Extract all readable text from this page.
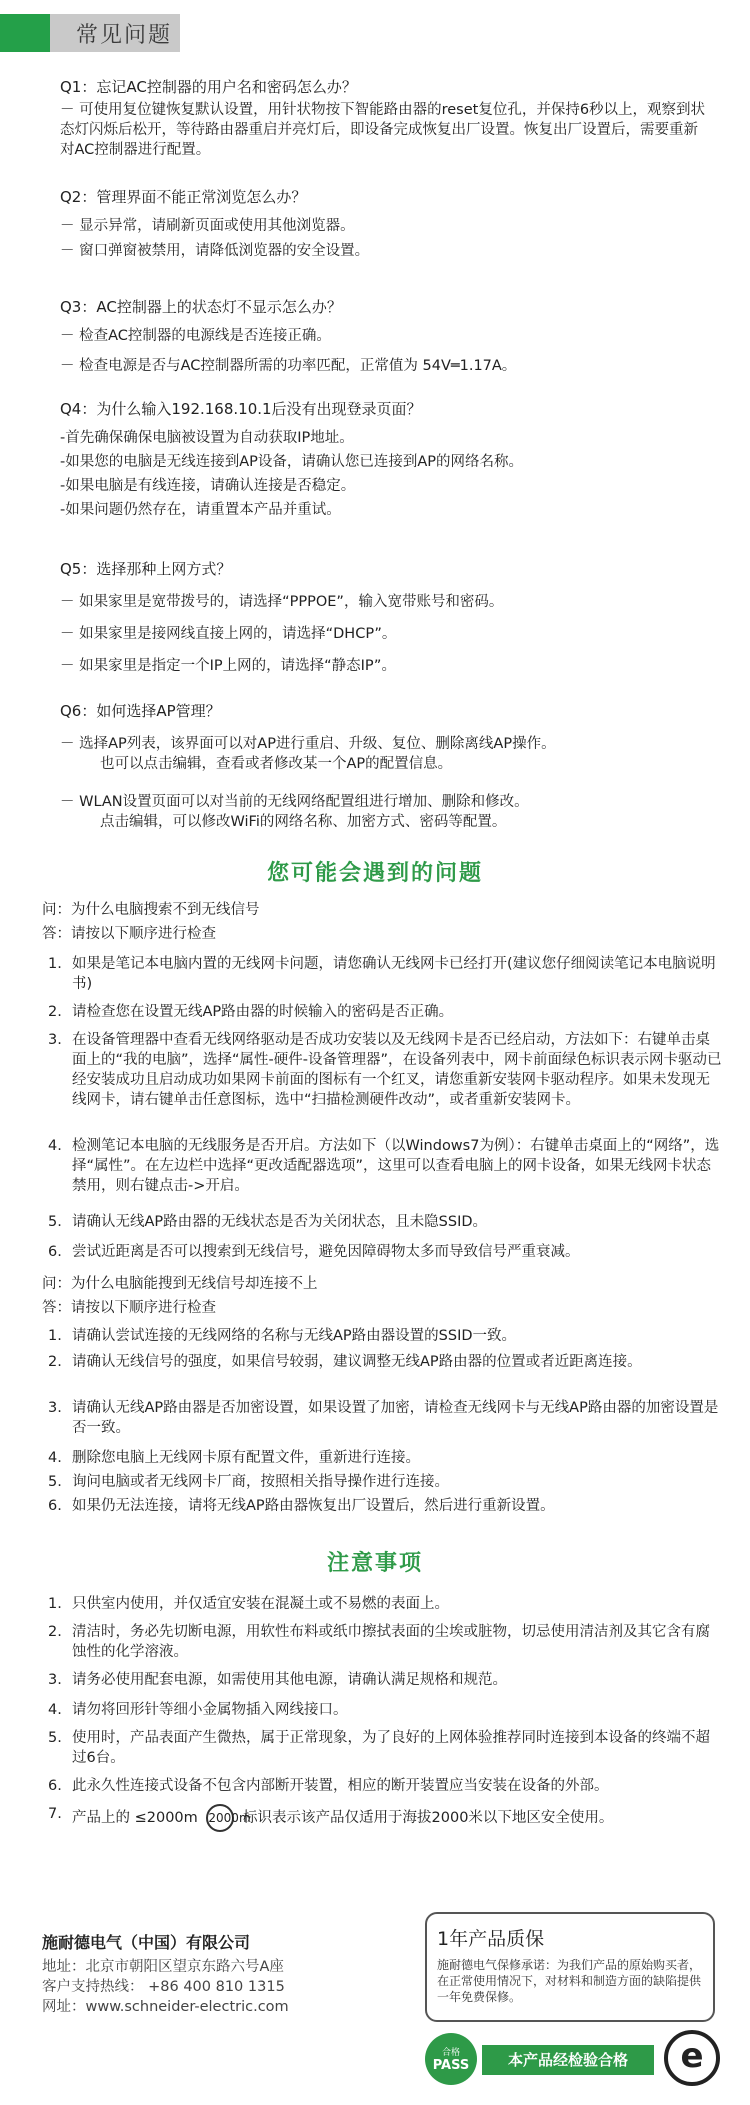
常见问题
Q1：忘记AC控制器的用户名和密码怎么办？
－ 可使用复位键恢复默认设置，用针状物按下智能路由器的reset复位孔，并保持6秒以上，观察到状态灯闪烁后松开，等待路由器重启并亮灯后，即设备完成恢复出厂设置。恢复出厂设置后，需要重新对AC控制器进行配置。
Q2：管理界面不能正常浏览怎么办？
－ 显示异常，请刷新页面或使用其他浏览器。
－ 窗口弹窗被禁用，请降低浏览器的安全设置。
Q3：AC控制器上的状态灯不显示怎么办？
－ 检查AC控制器的电源线是否连接正确。
－ 检查电源是否与AC控制器所需的功率匹配，正常值为 54V═1.17A。
Q4：为什么输入192.168.10.1后没有出现登录页面？
-首先确保确保电脑被设置为自动获取IP地址。
-如果您的电脑是无线连接到AP设备，请确认您已连接到AP的网络名称。
-如果电脑是有线连接，请确认连接是否稳定。
-如果问题仍然存在，请重置本产品并重试。
Q5：选择那种上网方式？
－ 如果家里是宽带拨号的，请选择“PPPOE”，输入宽带账号和密码。
－ 如果家里是接网线直接上网的，请选择“DHCP”。
－ 如果家里是指定一个IP上网的，请选择“静态IP”。
Q6：如何选择AP管理？
－ 选择AP列表，该界面可以对AP进行重启、升级、复位、删除离线AP操作。
也可以点击编辑，查看或者修改某一个AP的配置信息。
－ WLAN设置页面可以对当前的无线网络配置组进行增加、删除和修改。
点击编辑，可以修改WiFi的网络名称、加密方式、密码等配置。
您可能会遇到的问题
问：为什么电脑搜索不到无线信号
答：请按以下顺序进行检查
1. 如果是笔记本电脑内置的无线网卡问题，请您确认无线网卡已经打开(建议您仔细阅读笔记本电脑说明书)
2. 请检查您在设置无线AP路由器的时候输入的密码是否正确。
3. 在设备管理器中查看无线网络驱动是否成功安装以及无线网卡是否已经启动，方法如下：右键单击桌面上的“我的电脑”，选择“属性-硬件-设备管理器”，在设备列表中，网卡前面绿色标识表示网卡驱动已经安装成功且启动成功如果网卡前面的图标有一个红叉，请您重新安装网卡驱动程序。如果未发现无线网卡，请右键单击任意图标，选中“扫描检测硬件改动”，或者重新安装网卡。
4. 检测笔记本电脑的无线服务是否开启。方法如下（以Windows7为例）：右键单击桌面上的“网络”，选择“属性”。在左边栏中选择“更改适配器选项”，这里可以查看电脑上的网卡设备，如果无线网卡状态禁用，则右键点击->开启。
5. 请确认无线AP路由器的无线状态是否为关闭状态，且未隐SSID。
6. 尝试近距离是否可以搜索到无线信号，避免因障碍物太多而导致信号严重衰减。
问：为什么电脑能搜到无线信号却连接不上
答：请按以下顺序进行检查
1. 请确认尝试连接的无线网络的名称与无线AP路由器设置的SSID一致。
2. 请确认无线信号的强度，如果信号较弱，建议调整无线AP路由器的位置或者近距离连接。
3. 请确认无线AP路由器是否加密设置，如果设置了加密，请检查无线网卡与无线AP路由器的加密设置是否一致。
4. 删除您电脑上无线网卡原有配置文件，重新进行连接。
5. 询问电脑或者无线网卡厂商，按照相关指导操作进行连接。
6. 如果仍无法连接，请将无线AP路由器恢复出厂设置后，然后进行重新设置。
注意事项
1. 只供室内使用，并仅适宜安装在混凝土或不易燃的表面上。
2. 清洁时，务必先切断电源，用软性布料或纸巾擦拭表面的尘埃或脏物，切忌使用清洁剂及其它含有腐蚀性的化学溶液。
3. 请务必使用配套电源，如需使用其他电源，请确认满足规格和规范。
4. 请勿将回形针等细小金属物插入网线接口。
5. 使用时，产品表面产生微热，属于正常现象，为了良好的上网体验推荐同时连接到本设备的终端不超过6台。
6. 此永久性连接式设备不包含内部断开装置，相应的断开装置应当安装在设备的外部。
7. 产品上的 ≤2000m 2000m 标识表示该产品仅适用于海拔2000米以下地区安全使用。
施耐德电气（中国）有限公司
地址：北京市朝阳区望京东路六号A座
客户支持热线： +86 400 810 1315
网址：www.schneider-electric.com
1年产品质保
施耐德电气保修承诺：为我们产品的原始购买者，在正常使用情况下，对材料和制造方面的缺陷提供一年免费保修。
合格
PASS	本产品经检验合格	e
